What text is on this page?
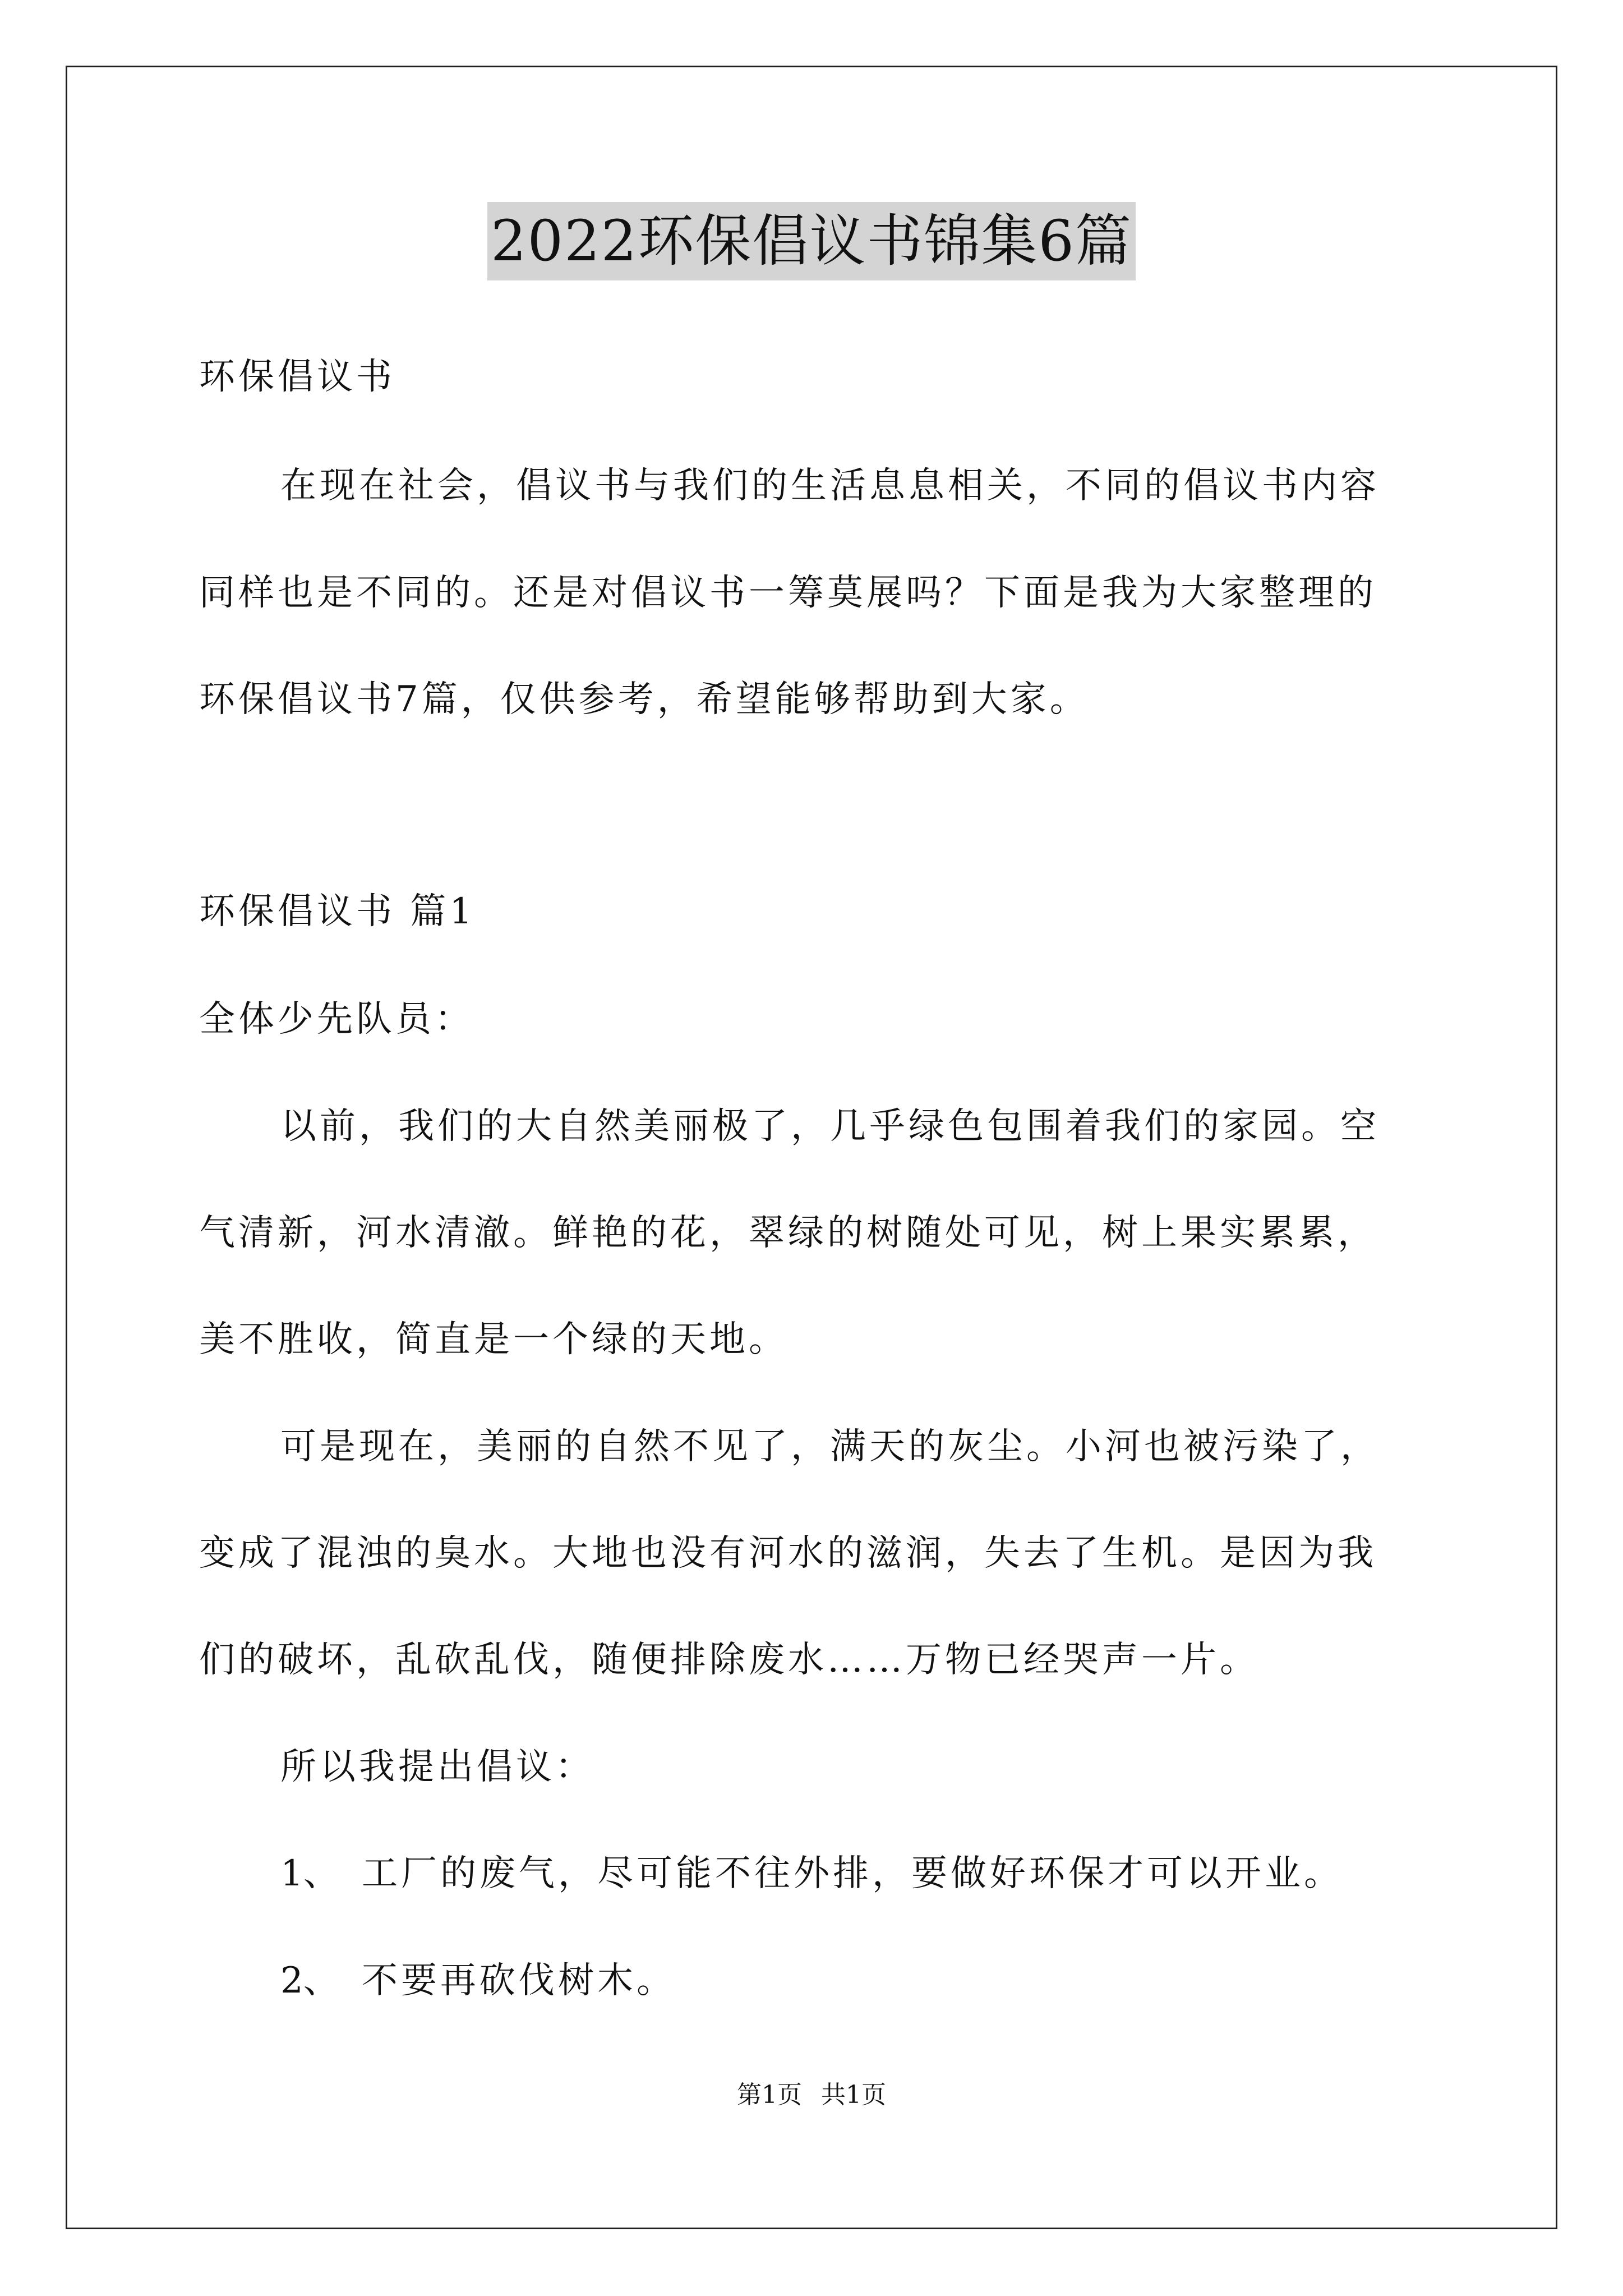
2022环保倡议书锦集6篇
环保倡议书
在现在社会，倡议书与我们的生活息息相关，不同的倡议书内容
同样也是不同的。还是对倡议书一筹莫展吗？下面是我为大家整理的
环保倡议书7篇，仅供参考，希望能够帮助到大家。
环保倡议书 篇1
全体少先队员：
以前，我们的大自然美丽极了，几乎绿色包围着我们的家园。空
气清新，河水清澈。鲜艳的花，翠绿的树随处可见，树上果实累累，
美不胜收，简直是一个绿的天地。
可是现在，美丽的自然不见了，满天的灰尘。小河也被污染了，
变成了混浊的臭水。大地也没有河水的滋润，失去了生机。是因为我
们的破坏，乱砍乱伐，随便排除废水……万物已经哭声一片。
所以我提出倡议：
1、 工厂的废气，尽可能不往外排，要做好环保才可以开业。
2、 不要再砍伐树木。
第1页 共1页
